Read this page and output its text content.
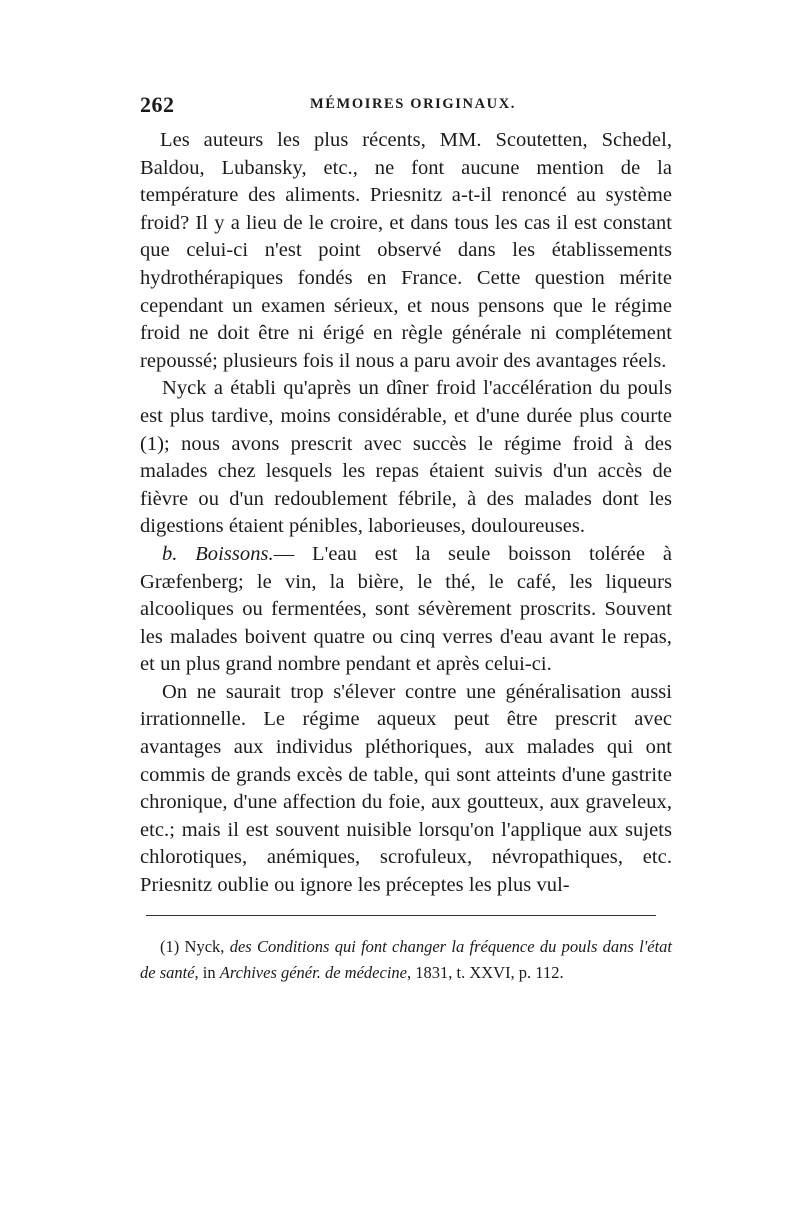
262	MÉMOIRES ORIGINAUX.

Les auteurs les plus récents, MM. Scoutetten, Schedel, Baldou, Lubansky, etc., ne font aucune mention de la température des aliments. Priesnitz a-t-il renoncé au système froid? Il y a lieu de le croire, et dans tous les cas il est constant que celui-ci n'est point observé dans les établissements hydrothérapiques fondés en France. Cette question mérite cependant un examen sérieux, et nous pensons que le régime froid ne doit être ni érigé en règle générale ni complétement repoussé; plusieurs fois il nous a paru avoir des avantages réels.

Nyck a établi qu'après un dîner froid l'accélération du pouls est plus tardive, moins considérable, et d'une durée plus courte (1); nous avons prescrit avec succès le régime froid à des malades chez lesquels les repas étaient suivis d'un accès de fièvre ou d'un redoublement fébrile, à des malades dont les digestions étaient pénibles, laborieuses, douloureuses.

b. Boissons.— L'eau est la seule boisson tolérée à Græfenberg; le vin, la bière, le thé, le café, les liqueurs alcooliques ou fermentées, sont sévèrement proscrits. Souvent les malades boivent quatre ou cinq verres d'eau avant le repas, et un plus grand nombre pendant et après celui-ci.

On ne saurait trop s'élever contre une généralisation aussi irrationnelle. Le régime aqueux peut être prescrit avec avantages aux individus pléthoriques, aux malades qui ont commis de grands excès de table, qui sont atteints d'une gastrite chronique, d'une affection du foie, aux goutteux, aux graveleux, etc.; mais il est souvent nuisible lorsqu'on l'applique aux sujets chlorotiques, anémiques, scrofuleux, névropathiques, etc. Priesnitz oublie ou ignore les préceptes les plus vul-

(1) Nyck, des Conditions qui font changer la fréquence du pouls dans l'état de santé, in Archives génér. de médecine, 1831, t. XXVI, p. 112.
